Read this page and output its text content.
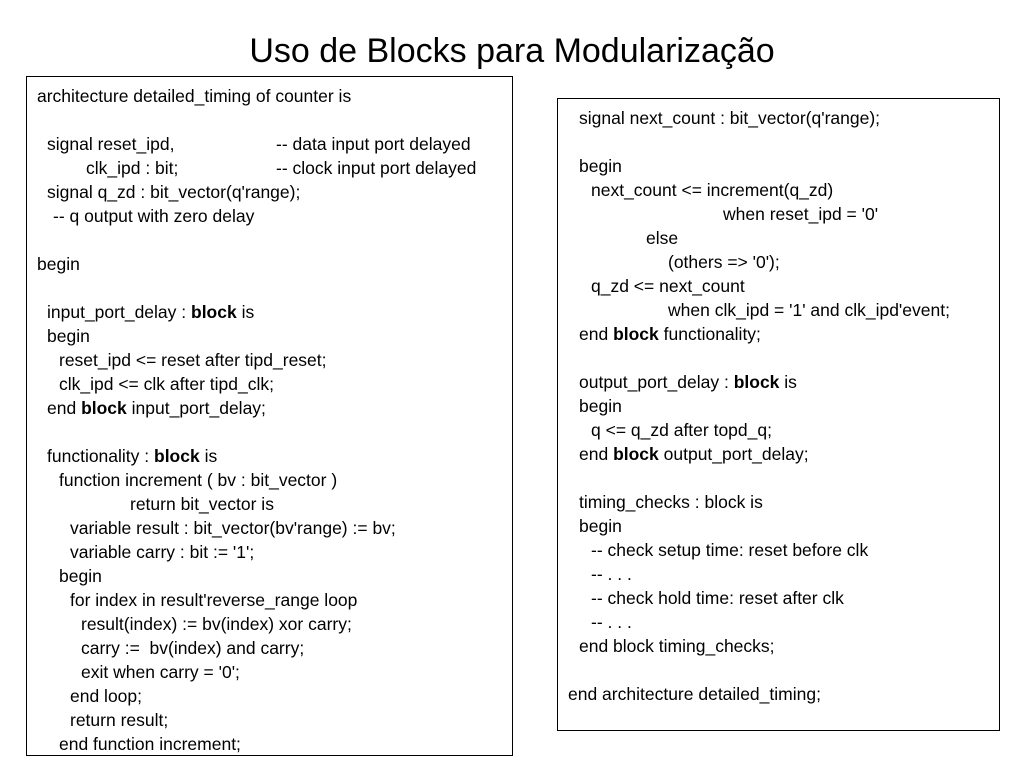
Uso de Blocks para Modularização
architecture detailed_timing of counter is
signal reset_ipd,	-- data input port delayed
clk_ipd : bit;	-- clock input port delayed
signal q_zd : bit_vector(q'range);
-- q output with zero delay
begin
input_port_delay : block is
begin
reset_ipd <= reset after tipd_reset;
clk_ipd <= clk after tipd_clk;
end block input_port_delay;
functionality : block is
function increment ( bv : bit_vector )
return bit_vector is
variable result : bit_vector(bv'range) := bv;
variable carry : bit := '1';
begin
for index in result'reverse_range loop
result(index) := bv(index) xor carry;
carry :=  bv(index) and carry;
exit when carry = '0';
end loop;
return result;
end function increment;
signal next_count : bit_vector(q'range);
begin
next_count <= increment(q_zd)
when reset_ipd = '0'
else
(others => '0');
q_zd <= next_count
when clk_ipd = '1' and clk_ipd'event;
end block functionality;
output_port_delay : block is
begin
q <= q_zd after topd_q;
end block output_port_delay;
timing_checks : block is
begin
-- check setup time: reset before clk
-- . . .
-- check hold time: reset after clk
-- . . .
end block timing_checks;
end architecture detailed_timing;
